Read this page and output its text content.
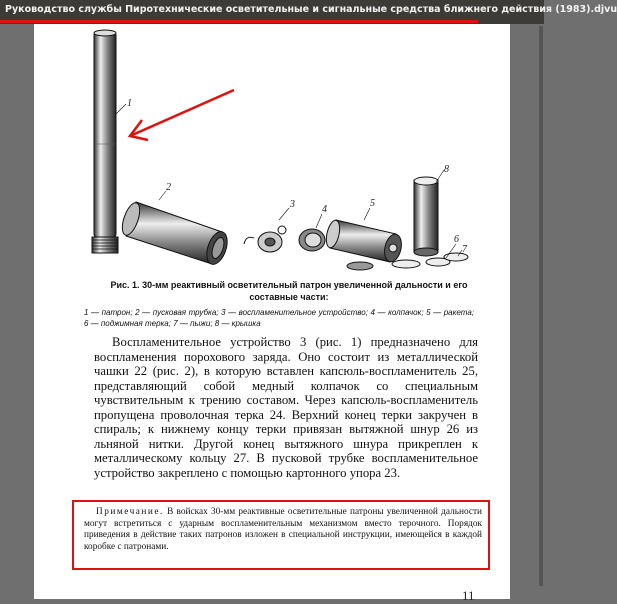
Руководство службы Пиротехнические осветительные и сигнальные средства ближнего действия (1983).djvu
1
2
3	4
5
6
7
8
Рис. 1. 30-мм реактивный осветительный патрон увеличенной дальности и его составные части:
1 — патрон; 2 — пусковая трубка; 3 — воспламенительное устройство; 4 — колпачок; 5 — ракета; 6 — поджимная терка; 7 — пыжи; 8 — крышка

Воспламенительное устройство 3 (рис. 1) предназначено для воспламенения порохового заряда. Оно состоит из металлической чашки 22 (рис. 2), в которую вставлен капсюль-воспламенитель 25, представляющий собой медный колпачок со специальным чувствительным к трению составом. Через капсюль-воспламенитель пропущена проволочная терка 24. Верхний конец терки закручен в спираль; к нижнему концу терки привязан вытяжной шнур 26 из льняной нитки. Другой конец вытяжного шнура прикреплен к металлическому кольцу 27. В пусковой трубке воспламенительное устройство закреплено с помощью картонного упора 23.

Примечание. В войсках 30-мм реактивные осветительные патроны увеличенной дальности могут встретиться с ударным воспламенительным механизмом вместо терочного. Порядок приведения в действие таких патронов изложен в специальной инструкции, имеющейся в каждой коробке с патронами.
11
